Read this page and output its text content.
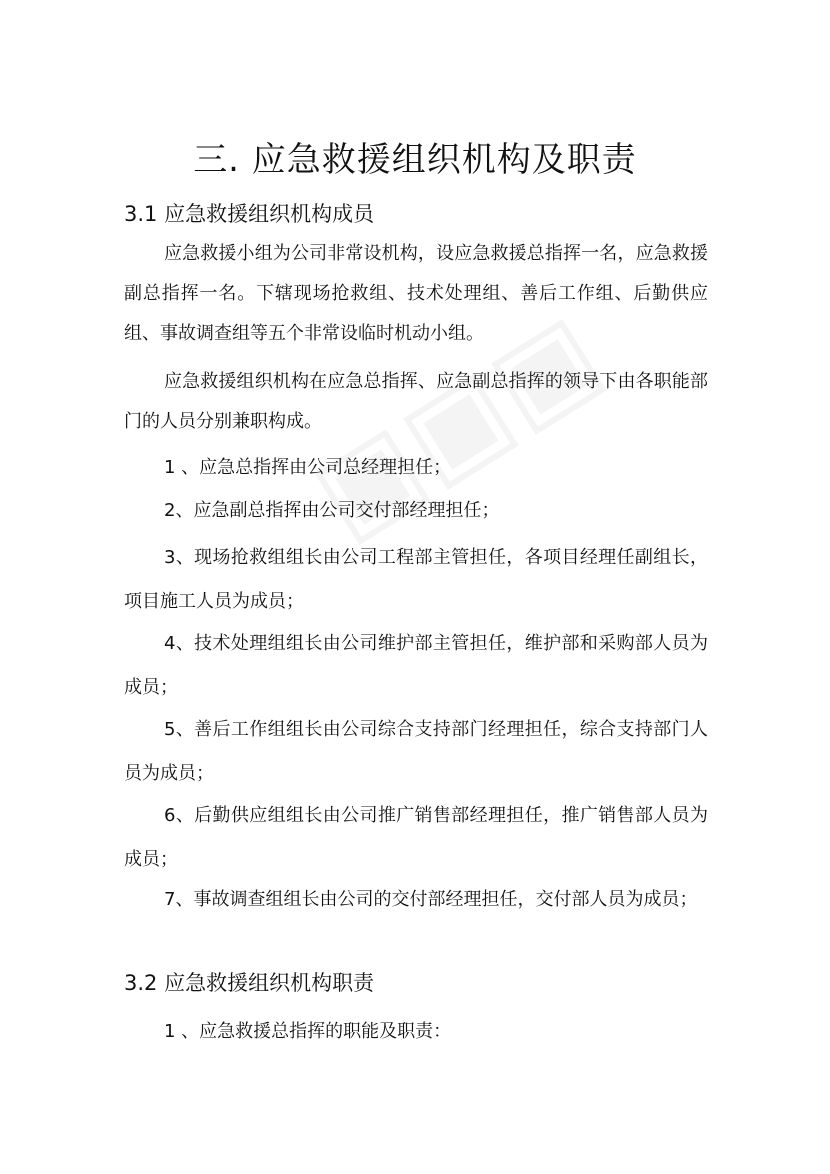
三. 应急救援组织机构及职责
3.1 应急救援组织机构成员
应急救援小组为公司非常设机构，设应急救援总指挥一名，应急救援副总指挥一名。下辖现场抢救组、技术处理组、善后工作组、后勤供应组、事故调查组等五个非常设临时机动小组。
应急救援组织机构在应急总指挥、应急副总指挥的领导下由各职能部门的人员分别兼职构成。
1 、应急总指挥由公司总经理担任；
2、应急副总指挥由公司交付部经理担任；
3、现场抢救组组长由公司工程部主管担任，各项目经理任副组长，项目施工人员为成员；
4、技术处理组组长由公司维护部主管担任，维护部和采购部人员为成员；
5、善后工作组组长由公司综合支持部门经理担任，综合支持部门人员为成员；
6、后勤供应组组长由公司推广销售部经理担任，推广销售部人员为成员；
7、事故调查组组长由公司的交付部经理担任，交付部人员为成员；
3.2 应急救援组织机构职责
1 、应急救援总指挥的职能及职责：
